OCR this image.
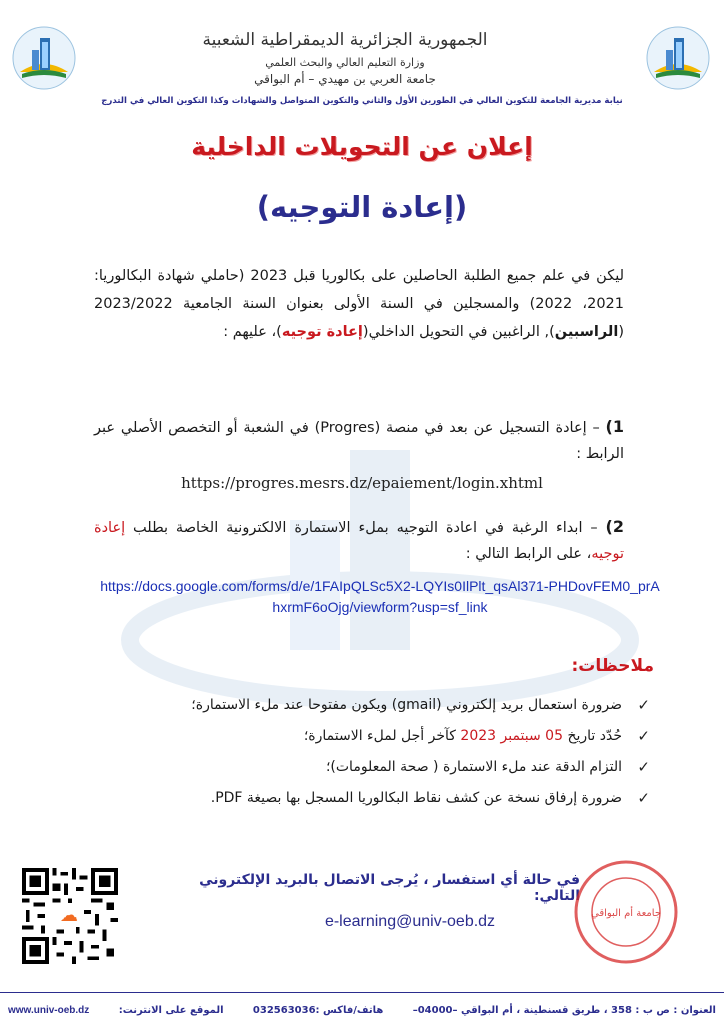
الجمهورية الجزائرية الديمقراطية الشعبية
وزارة التعليم العالي والبحث العلمي
جامعة العربي بن مهيدي – أم البواقي
نيابة مديرية الجامعة للتكوين العالي في الطورين الأول والثاني والتكوين المتواصل والشهادات وكذا التكوين العالي في التدرج
إعلان عن التحويلات الداخلية
(إعادة التوجيه)
ليكن في علم جميع الطلبة الحاصلين على بكالوريا قبل 2023 (حاملي شهادة البكالوريا: 2021، 2022) والمسجلين في السنة الأولى بعنوان السنة الجامعية 2023/2022 (الراسبين), الراغبين في التحويل الداخلي(إعادة توجيه)، عليهم :
1) – إعادة التسجيل عن بعد في منصة (Progres) في الشعبة أو التخصص الأصلي عبر الرابط :
https://progres.mesrs.dz/epaiement/login.xhtml
2) – ابداء الرغبة في اعادة التوجيه بملء الاستمارة الالكترونية الخاصة بطلب إعادة توجيه، على الرابط التالي :
https://docs.google.com/forms/d/e/1FAIpQLSc5X2-LQYIs0IlPlt_qsAl371-PHDovFEM0_prAhxrmF6oOjg/viewform?usp=sf_link
ملاحظات:
✓
ضرورة استعمال بريد إلكتروني (gmail) ويكون مفتوحا عند ملء الاستمارة؛
✓
حُدّد تاريخ 05 سبتمبر 2023 كآخر أجل لملء الاستمارة؛
✓
التزام الدقة عند ملء الاستمارة ( صحة المعلومات)؛
✓
ضرورة إرفاق نسخة عن كشف نقاط البكالوريا المسجل بها بصيغة PDF.
☁
في حالة أي استفسار ، يُرجى الاتصال بالبريد الإلكتروني التالي:
e-learning@univ-oeb.dz	جامعة أم البواقي
www.univ-oeb.dz	الموقع على الانترنت:	هاتف/فاكس :032563036	العنوان : ص ب : 358 ، طريق قسنطينة ، أم البواقي –04000–
